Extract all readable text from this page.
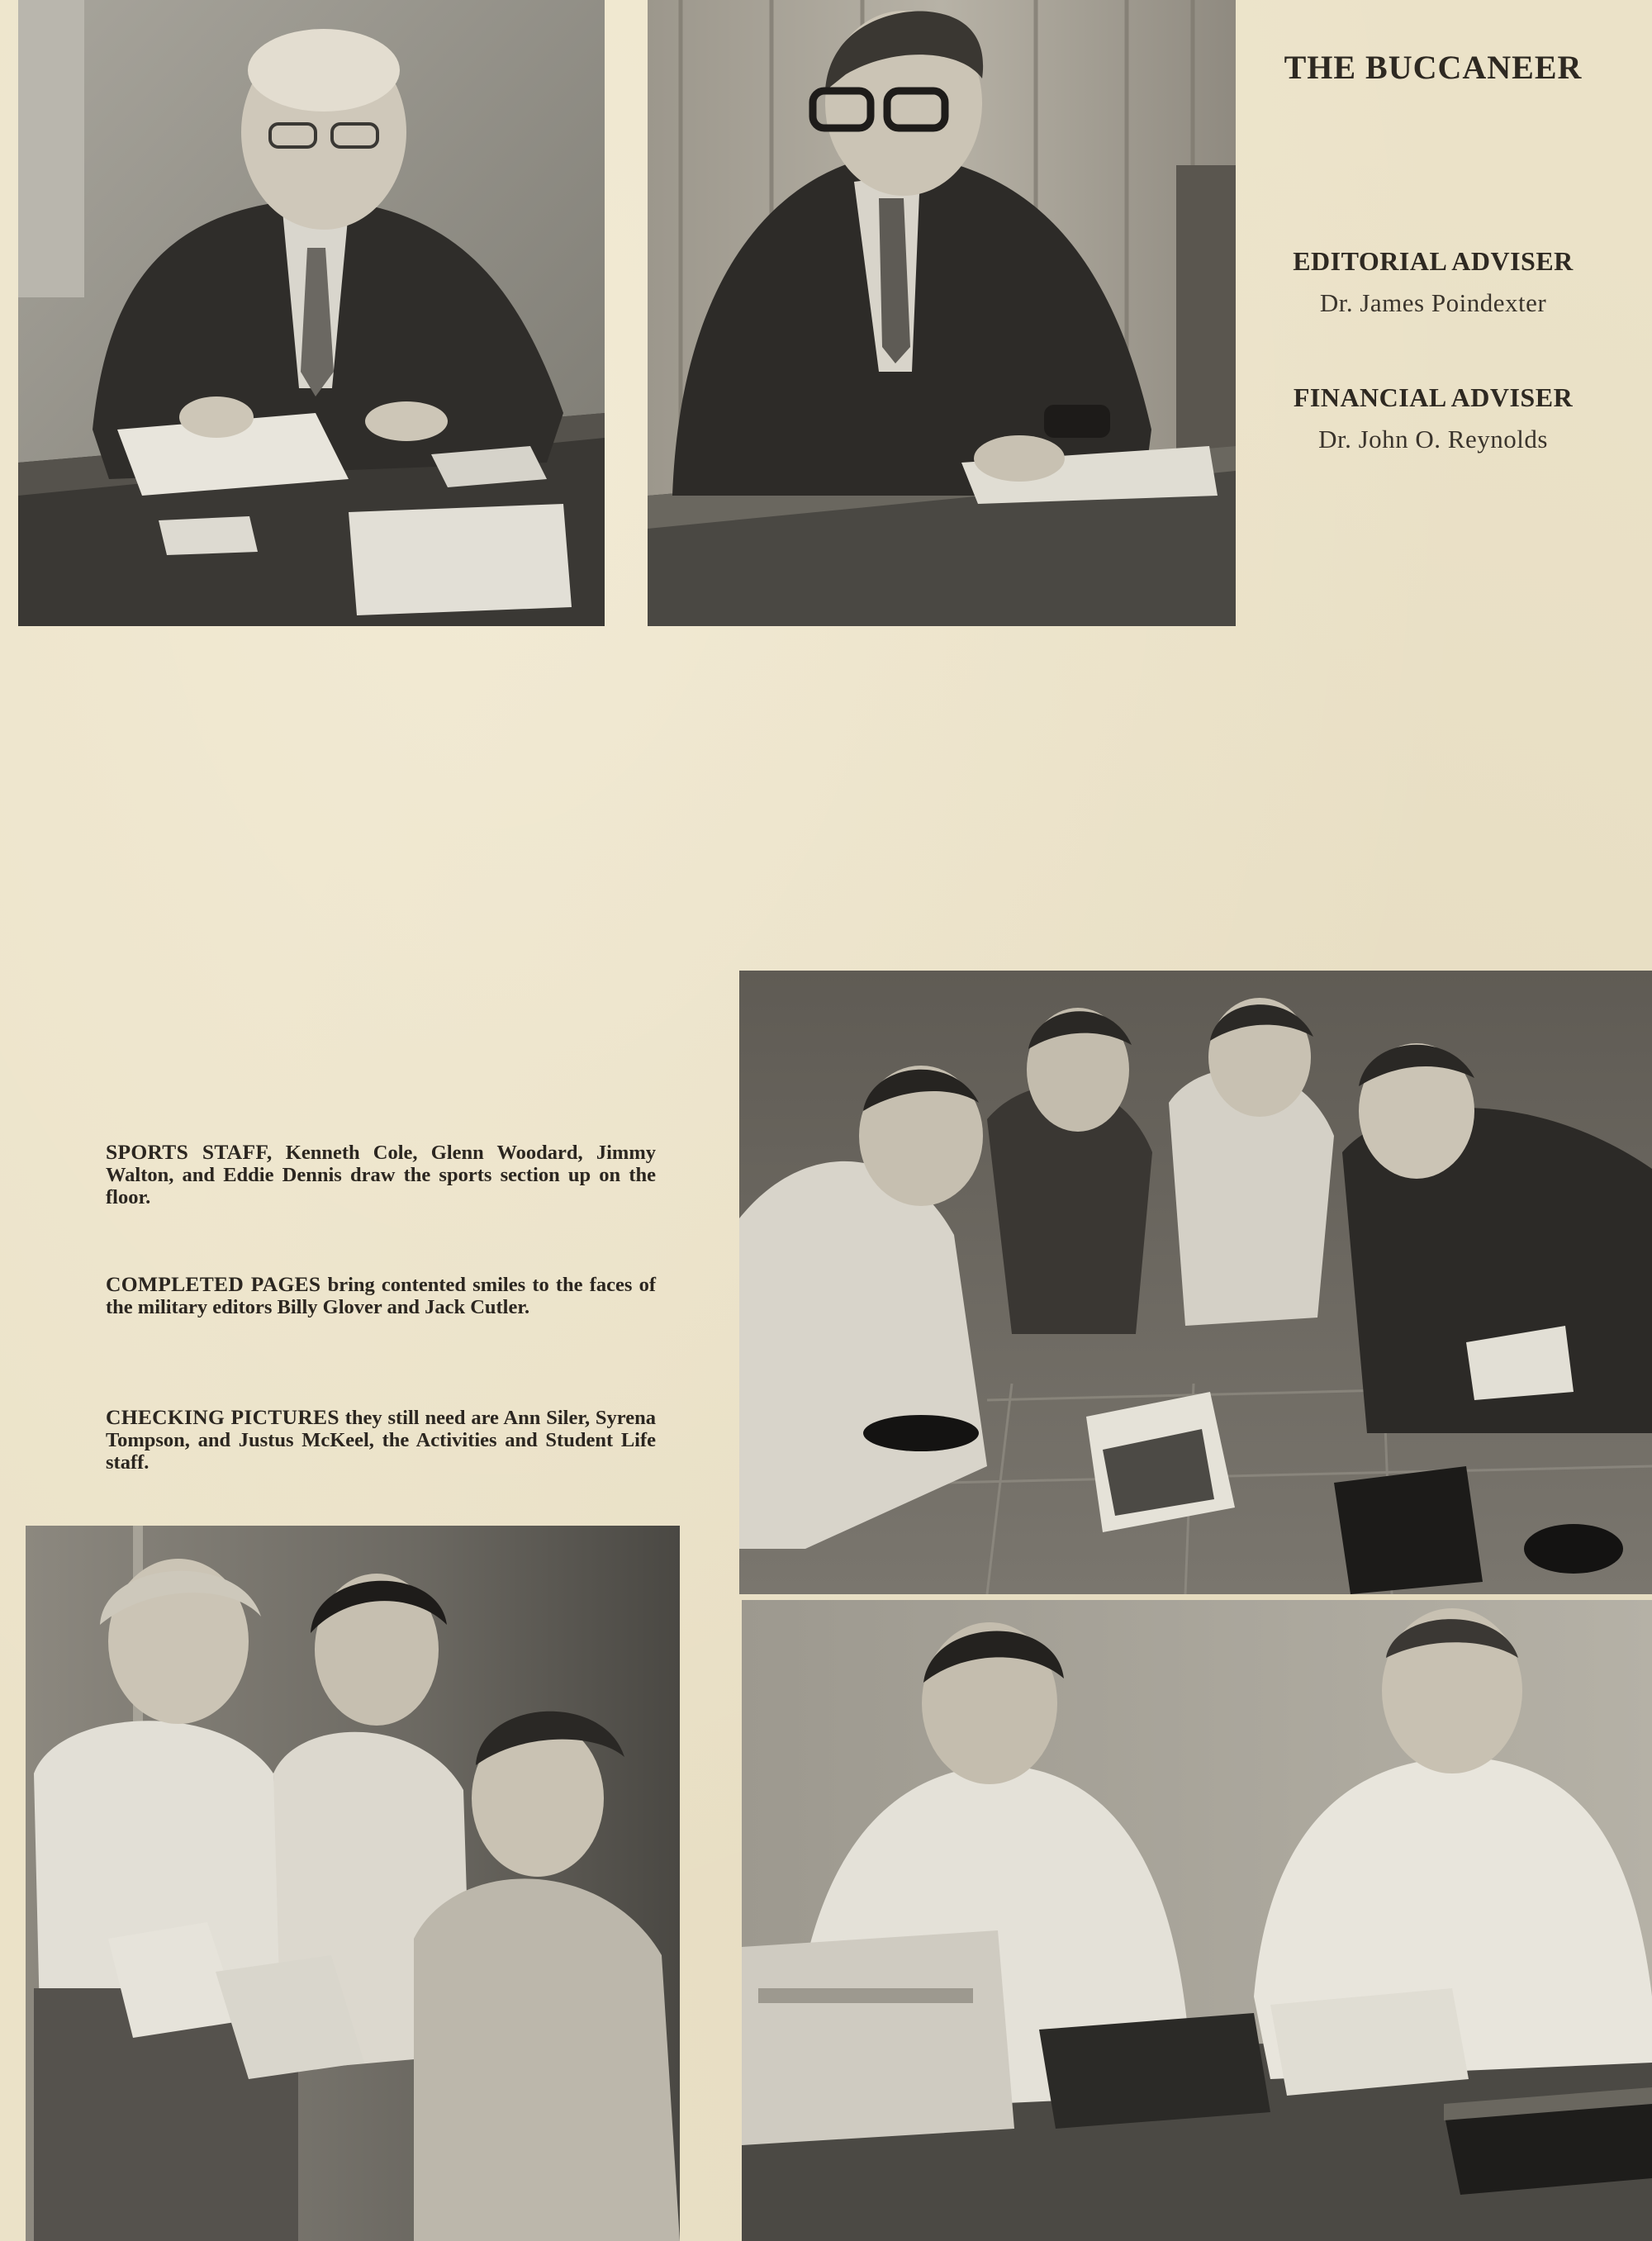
THE BUCCANEER
EDITORIAL ADVISER
Dr. James Poindexter
FINANCIAL ADVISER
Dr. John O. Reynolds
SPORTS STAFF, Kenneth Cole, Glenn Woodard, Jimmy Walton, and Eddie Dennis draw the sports section up on the floor.
COMPLETED PAGES bring contented smiles to the faces of the military editors Billy Glover and Jack Cutler.
CHECKING PICTURES they still need are Ann Siler, Syrena Tompson, and Justus McKeel, the Activities and Student Life staff.
